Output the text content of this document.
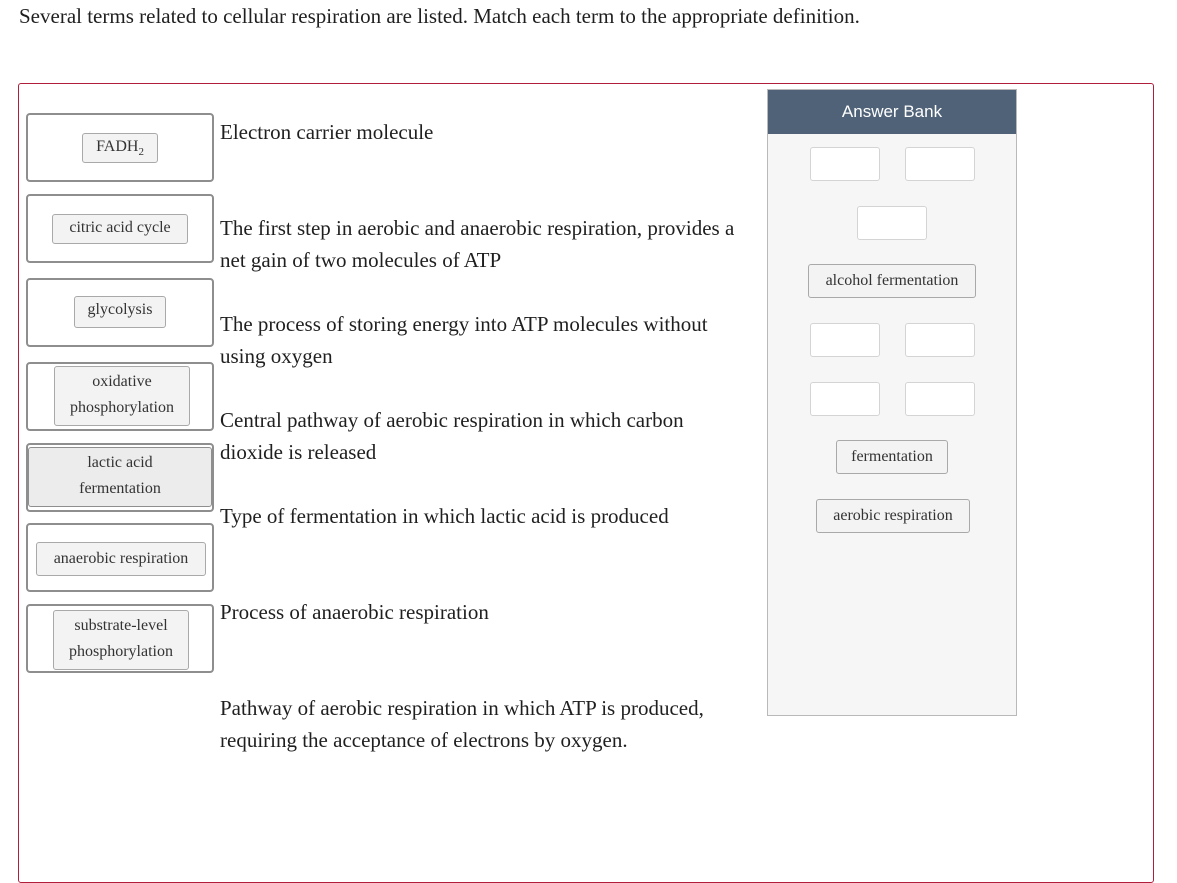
Several terms related to cellular respiration are listed. Match each term to the appropriate definition.
$FADH_2$
citric acid cycle
glycolysis
oxidative
phosphorylation
lactic acid
fermentation
anaerobic respiration
substrate-level
phosphorylation
Electron carrier molecule
The first step in aerobic and anaerobic respiration, provides a
net gain of two molecules of ATP
The process of storing energy into ATP molecules without
using oxygen
Central pathway of aerobic respiration in which carbon
dioxide is released
Type of fermentation in which lactic acid is produced
Process of anaerobic respiration
Pathway of aerobic respiration in which ATP is produced,
requiring the acceptance of electrons by oxygen.
Answer Bank
alcohol fermentation
fermentation
aerobic respiration
